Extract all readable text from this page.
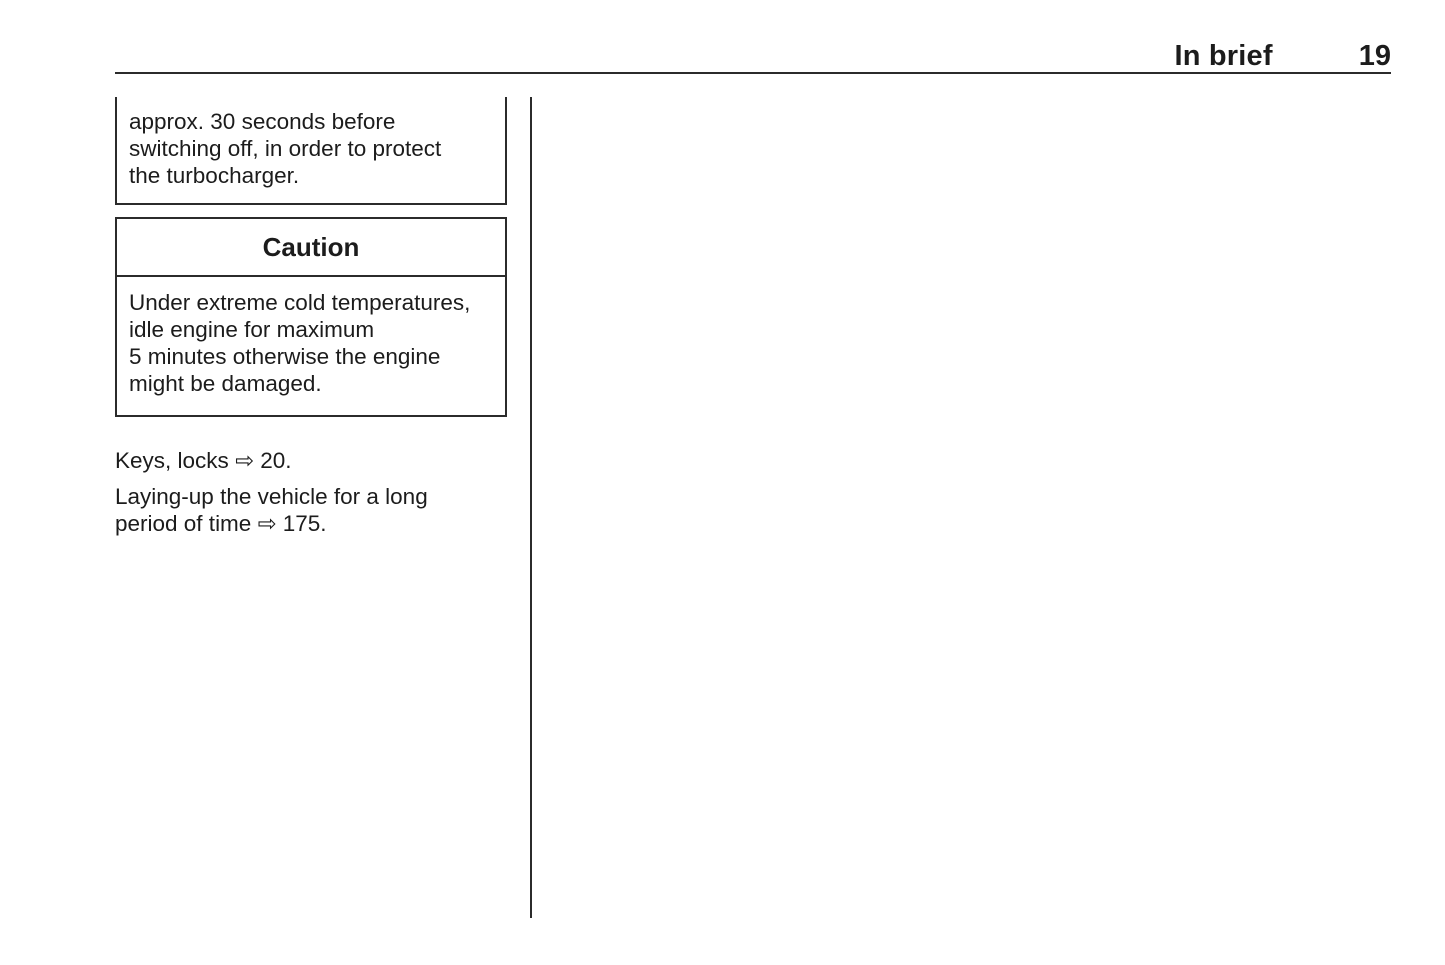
In brief	19
approx. 30 seconds before
switching off, in order to protect
the turbocharger.
Caution
Under extreme cold temperatures,
idle engine for maximum
5 minutes otherwise the engine
might be damaged.

Keys, locks ⇨ 20.

Laying-up the vehicle for a long
period of time ⇨ 175.
